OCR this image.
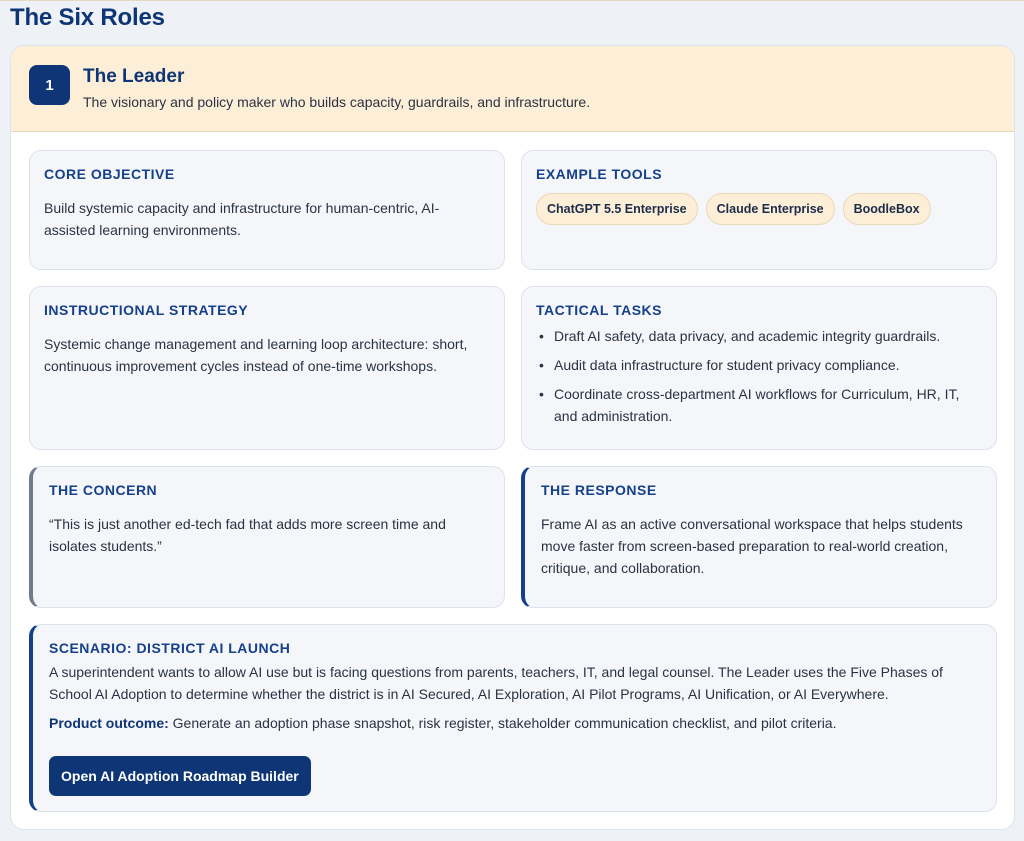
The Six Roles
1	The Leader
The visionary and policy maker who builds capacity, guardrails, and infrastructure.
CORE OBJECTIVE
Build systemic capacity and infrastructure for human-centric, AI-assisted learning environments.
EXAMPLE TOOLS
ChatGPT 5.5 Enterprise	Claude Enterprise	BoodleBox
INSTRUCTIONAL STRATEGY
Systemic change management and learning loop architecture: short, continuous improvement cycles instead of one-time workshops.
TACTICAL TASKS
• Draft AI safety, data privacy, and academic integrity guardrails.
• Audit data infrastructure for student privacy compliance.
• Coordinate cross-department AI workflows for Curriculum, HR, IT, and administration.
THE CONCERN
“This is just another ed-tech fad that adds more screen time and isolates students.”
THE RESPONSE
Frame AI as an active conversational workspace that helps students move faster from screen-based preparation to real-world creation, critique, and collaboration.
SCENARIO: DISTRICT AI LAUNCH
A superintendent wants to allow AI use but is facing questions from parents, teachers, IT, and legal counsel. The Leader uses the Five Phases of School AI Adoption to determine whether the district is in AI Secured, AI Exploration, AI Pilot Programs, AI Unification, or AI Everywhere.
Product outcome: Generate an adoption phase snapshot, risk register, stakeholder communication checklist, and pilot criteria.
Open AI Adoption Roadmap Builder
